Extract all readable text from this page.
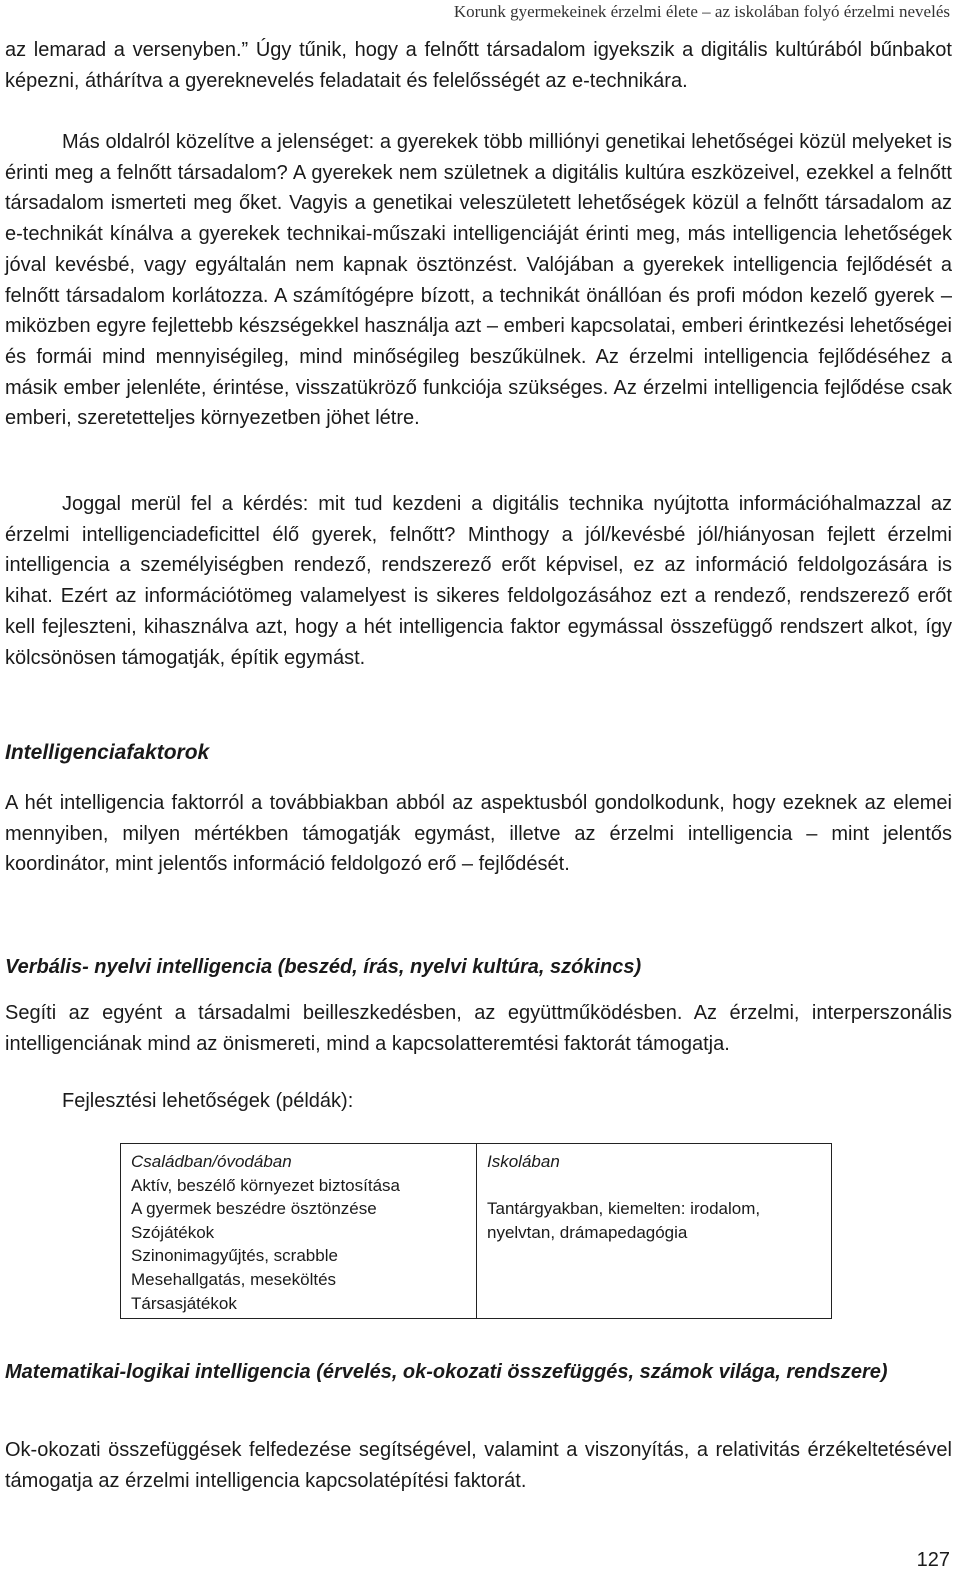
Korunk gyermekeinek érzelmi élete – az iskolában folyó érzelmi nevelés

az lemarad a versenyben.” Úgy tűnik, hogy a felnőtt társadalom igyekszik a digitális kultúrából bűnbakot képezni, áthárítva a gyereknevelés feladatait és felelősségét az e-technikára.

Más oldalról közelítve a jelenséget: a gyerekek több milliónyi genetikai lehetőségei közül melyeket is érinti meg a felnőtt társadalom? A gyerekek nem születnek a digitális kultúra eszközeivel, ezekkel a felnőtt társadalom ismerteti meg őket. Vagyis a genetikai veleszületett lehetőségek közül a felnőtt társadalom az e-technikát kínálva a gyerekek technikai-műszaki intelligenciáját érinti meg, más intelligencia lehetőségek jóval kevésbé, vagy egyáltalán nem kapnak ösztönzést. Valójában a gyerekek intelligencia fejlődését a felnőtt társadalom korlátozza. A számítógépre bízott, a technikát önállóan és profi módon kezelő gyerek – miközben egyre fejlettebb készségekkel használja azt – emberi kapcsolatai, emberi érintkezési lehetőségei és formái mind mennyiségileg, mind minőségileg beszűkülnek. Az érzelmi intelligencia fejlődéséhez a másik ember jelenléte, érintése, visszatükröző funkciója szükséges. Az érzelmi intelligencia fejlődése csak emberi, szeretetteljes környezetben jöhet létre.

Joggal merül fel a kérdés: mit tud kezdeni a digitális technika nyújtotta információhalmazzal az érzelmi intelligenciadeficittel élő gyerek, felnőtt? Minthogy a jól/kevésbé jól/hiányosan fejlett érzelmi intelligencia a személyiségben rendező, rendszerező erőt képvisel, ez az információ feldolgozására is kihat. Ezért az információtömeg valamelyest is sikeres feldolgozásához ezt a rendező, rendszerező erőt kell fejleszteni, kihasználva azt, hogy a hét intelligencia faktor egymással összefüggő rendszert alkot, így kölcsönösen támogatják, építik egymást.

Intelligenciafaktorok

A hét intelligencia faktorról a továbbiakban abból az aspektusból gondolkodunk, hogy ezeknek az elemei mennyiben, milyen mértékben támogatják egymást, illetve az érzelmi intelligencia – mint jelentős koordinátor, mint jelentős információ feldolgozó erő – fejlődését.

Verbális- nyelvi intelligencia (beszéd, írás, nyelvi kultúra, szókincs)

Segíti az egyént a társadalmi beilleszkedésben, az együttműködésben. Az érzelmi, interperszonális intelligenciának mind az önismereti, mind a kapcsolatteremtési faktorát támogatja.

Fejlesztési lehetőségek (példák):

Családban/óvodában
Aktív, beszélő környezet biztosítása
A gyermek beszédre ösztönzése
Szójátékok
Szinonimagyűjtés, scrabble
Mesehallgatás, meseköltés
Társasjátékok
Iskolában
Tantárgyakban, kiemelten: irodalom,
nyelvtan, drámapedagógia
Matematikai-logikai intelligencia (érvelés, ok-okozati összefüggés, számok világa, rendszere)

Ok-okozati összefüggések felfedezése segítségével, valamint a viszonyítás, a relativitás érzékeltetésével támogatja az érzelmi intelligencia kapcsolatépítési faktorát.

127
